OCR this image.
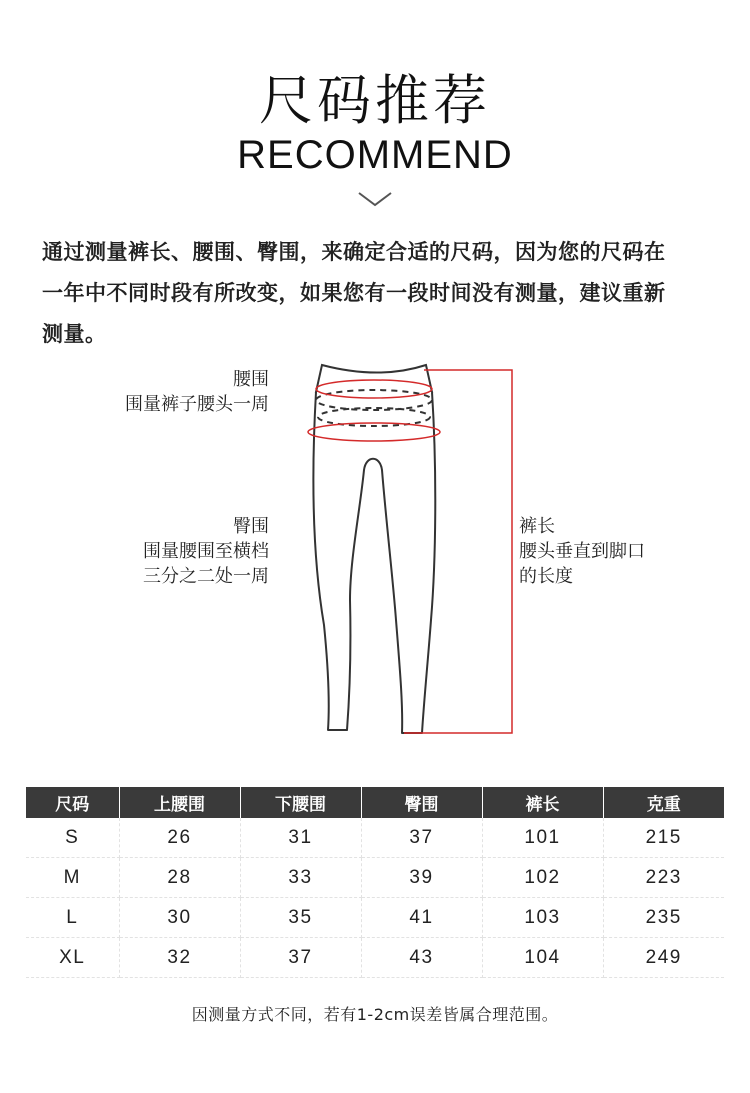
尺码推荐
RECOMMEND
通过测量裤长、腰围、臀围，来确定合适的尺码，因为您的尺码在
一年中不同时段有所改变，如果您有一段时间没有测量，建议重新
测量。
腰围
围量裤子腰头一周
臀围
围量腰围至横档
三分之二处一周
裤长
腰头垂直到脚口
的长度
尺码	上腰围	下腰围	臀围	裤长	克重
S	26	31	37	101	215
M	28	33	39	102	223
L	30	35	41	103	235
XL	32	37	43	104	249
因测量方式不同，若有1-2cm误差皆属合理范围。
